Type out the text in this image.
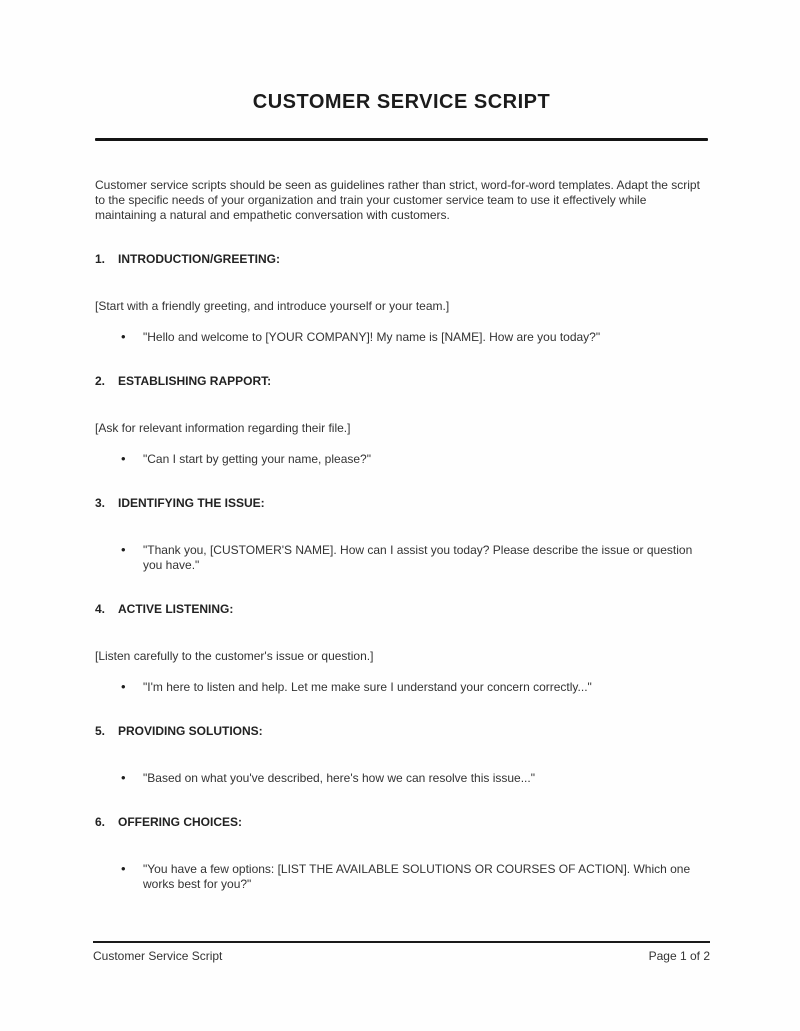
CUSTOMER SERVICE SCRIPT

Customer service scripts should be seen as guidelines rather than strict, word-for-word templates. Adapt the script to the specific needs of your organization and train your customer service team to use it effectively while maintaining a natural and empathetic conversation with customers.

1.	INTRODUCTION/GREETING:
[Start with a friendly greeting, and introduce yourself or your team.]
• "Hello and welcome to [YOUR COMPANY]! My name is [NAME]. How are you today?"
2.	ESTABLISHING RAPPORT:
[Ask for relevant information regarding their file.]
• "Can I start by getting your name, please?"
3.	IDENTIFYING THE ISSUE:
• "Thank you, [CUSTOMER'S NAME]. How can I assist you today? Please describe the issue or question you have."
4.	ACTIVE LISTENING:
[Listen carefully to the customer's issue or question.]
• "I'm here to listen and help. Let me make sure I understand your concern correctly..."
5.	PROVIDING SOLUTIONS:
• "Based on what you've described, here's how we can resolve this issue..."
6.	OFFERING CHOICES:
• "You have a few options: [LIST THE AVAILABLE SOLUTIONS OR COURSES OF ACTION]. Which one works best for you?"
Customer Service Script	Page 1 of 2
